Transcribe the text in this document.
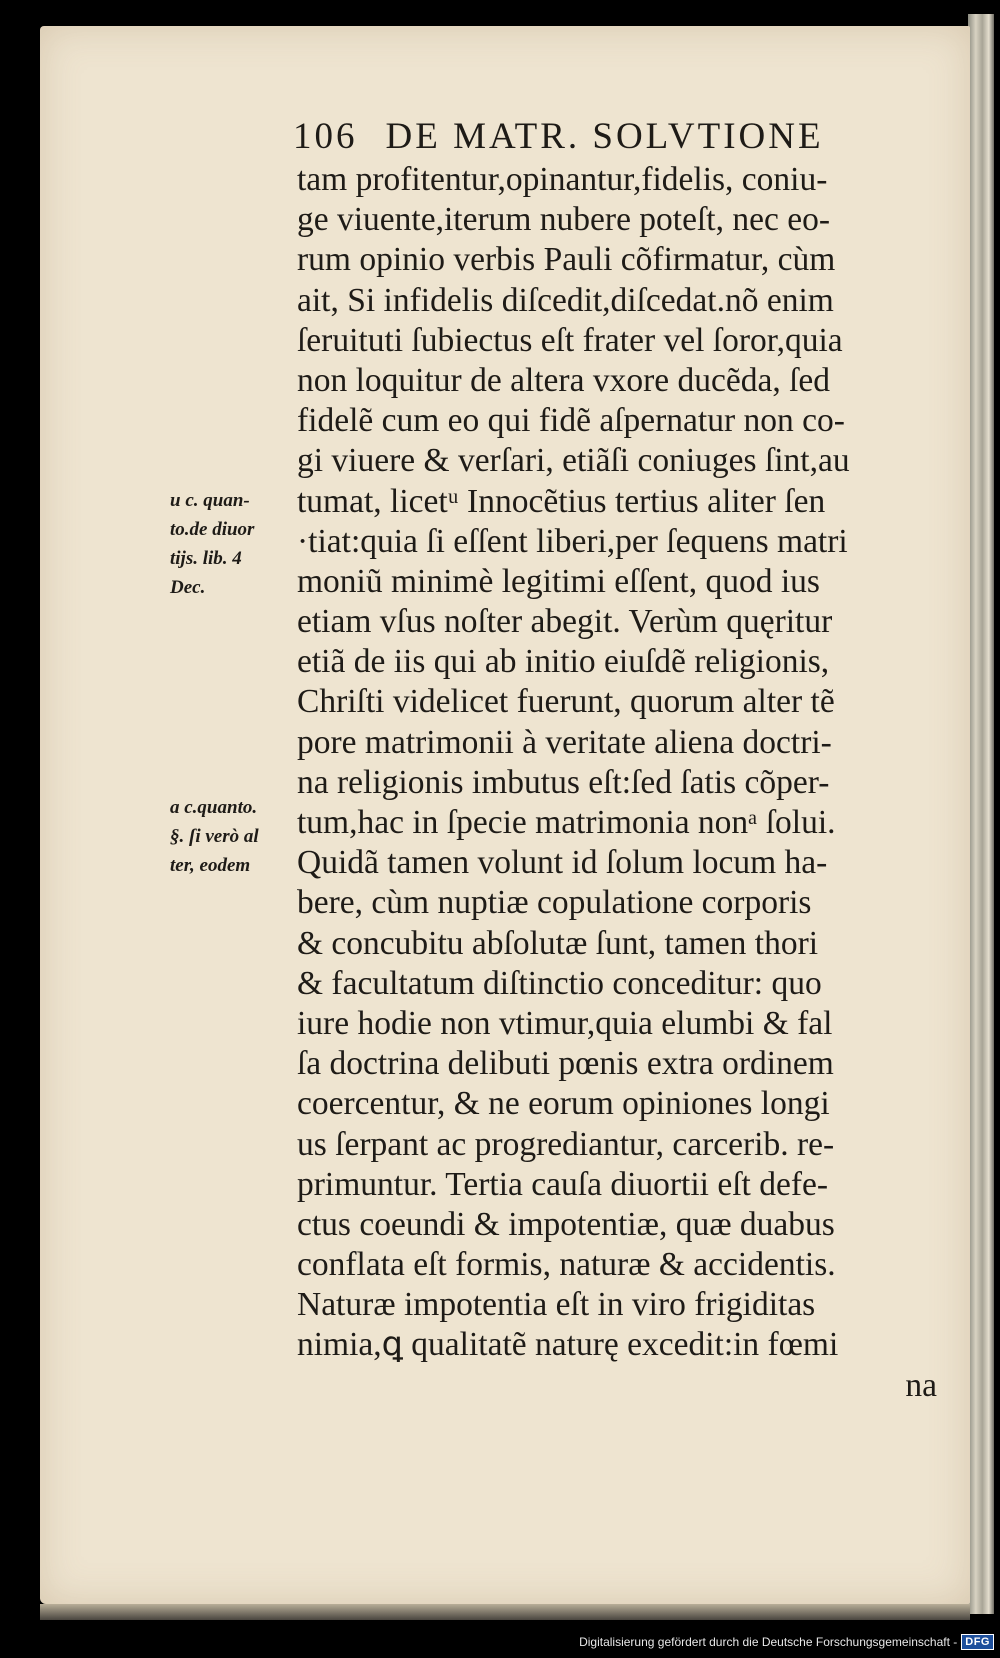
106 DE MATR. SOLVTIONE
tam profitentur,opinantur,fidelis, coniu-
ge viuente,iterum nubere poteſt, nec eo-
rum opinio verbis Pauli cõfirmatur, cùm
ait, Si infidelis diſcedit,diſcedat.nõ enim
ſeruituti ſubiectus eſt frater vel ſoror,quia
non loquitur de altera vxore ducẽda, ſed
fidelẽ cum eo qui fidẽ aſpernatur non co-
gi viuere & verſari, etiãſi coniuges ſint,au
tumat, licetᵘ Innocẽtius tertius aliter ſen
·tiat:quia ſi eſſent liberi,per ſequens matri
moniũ minimè legitimi eſſent, quod ius
etiam vſus noſter abegit. Verùm quęritur
etiã de iis qui ab initio eiuſdẽ religionis,
Chriſti videlicet fuerunt, quorum alter tẽ
pore matrimonii à veritate aliena doctri-
na religionis imbutus eſt:ſed ſatis cõper-
tum,hac in ſpecie matrimonia nonᵃ ſolui.
Quidã tamen volunt id ſolum locum ha-
bere, cùm nuptiæ copulatione corporis
& concubitu abſolutæ ſunt, tamen thori
& facultatum diſtinctio conceditur: quo
iure hodie non vtimur,quia elumbi & fal
ſa doctrina delibuti pœnis extra ordinem
coercentur, & ne eorum opiniones longi
us ſerpant ac progrediantur, carcerib. re-
primuntur. Tertia cauſa diuortii eſt defe-
ctus coeundi & impotentiæ, quæ duabus
conflata eſt formis, naturæ & accidentis.
Naturæ impotentia eſt in viro frigiditas
nimia,ꝗ qualitatẽ naturę excedit:in fœmi
na
u c. quan-
to.de diuor
tijs. lib. 4
Dec.
a c.quanto.
§. ſi verò al
ter, eodem
Digitalisierung gefördert durch die Deutsche Forschungsgemeinschaft - DFG
